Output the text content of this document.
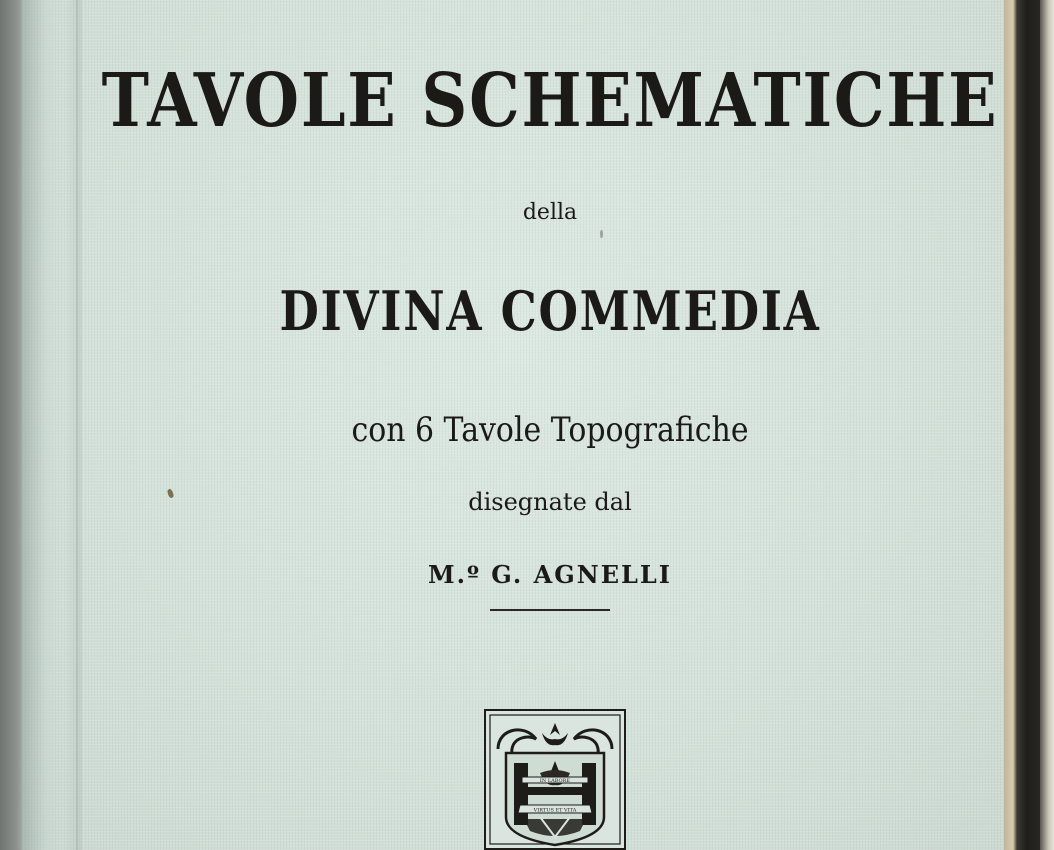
TAVOLE SCHEMATICHE
della
DIVINA COMMEDIA
con 6 Tavole Topografiche
disegnate dal
M.º G. AGNELLI
IN LABORE
VIRTUS ET VITA
